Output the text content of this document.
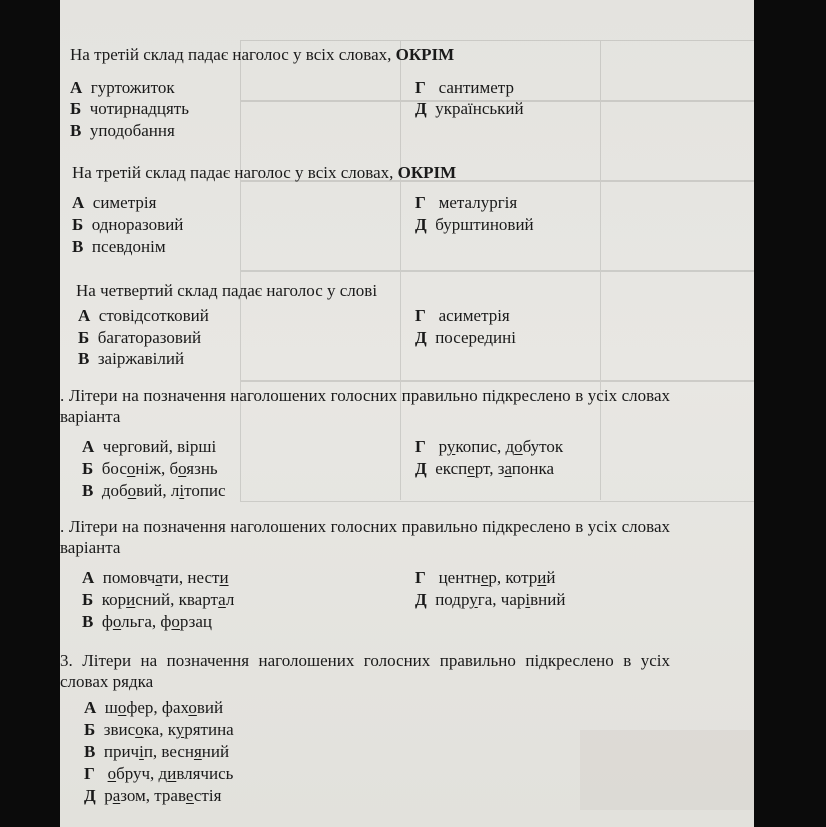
На третій склад падає наголос у всіх словах, ОКРІМ
А гуртожиток
Б чотирнадцять
В уподобання
Г сантиметр
Д український
На третій склад падає наголос у всіх словах, ОКРІМ
А симетрія
Б одноразовий
В псевдонім
Г металургія
Д бурштиновий
На четвертий склад падає наголос у слові
А стовідсотковий
Б багаторазовий
В заіржавілий
Г асиметрія
Д посередині
. Літери на позначення наголошених голосних правильно підкреслено в усіх словах варіанта
А черговий, вірші
Б босоніж, боязнь
В добовий, літопис
Г рукопис, добуток
Д експерт, запонка
. Літери на позначення наголошених голосних правильно підкреслено в усіх словах варіанта
А помовчати, нести
Б корисний, квартал
В фольга, форзац
Г центнер, котрий
Д подруга, чарівний
3. Літери на позначення наголошених голосних правильно підкреслено в усіх словах рядка
А шофер, фаховий
Б звисока, курятина
В причіп, весняний
Г обруч, дивлячись
Д разом, травестія
